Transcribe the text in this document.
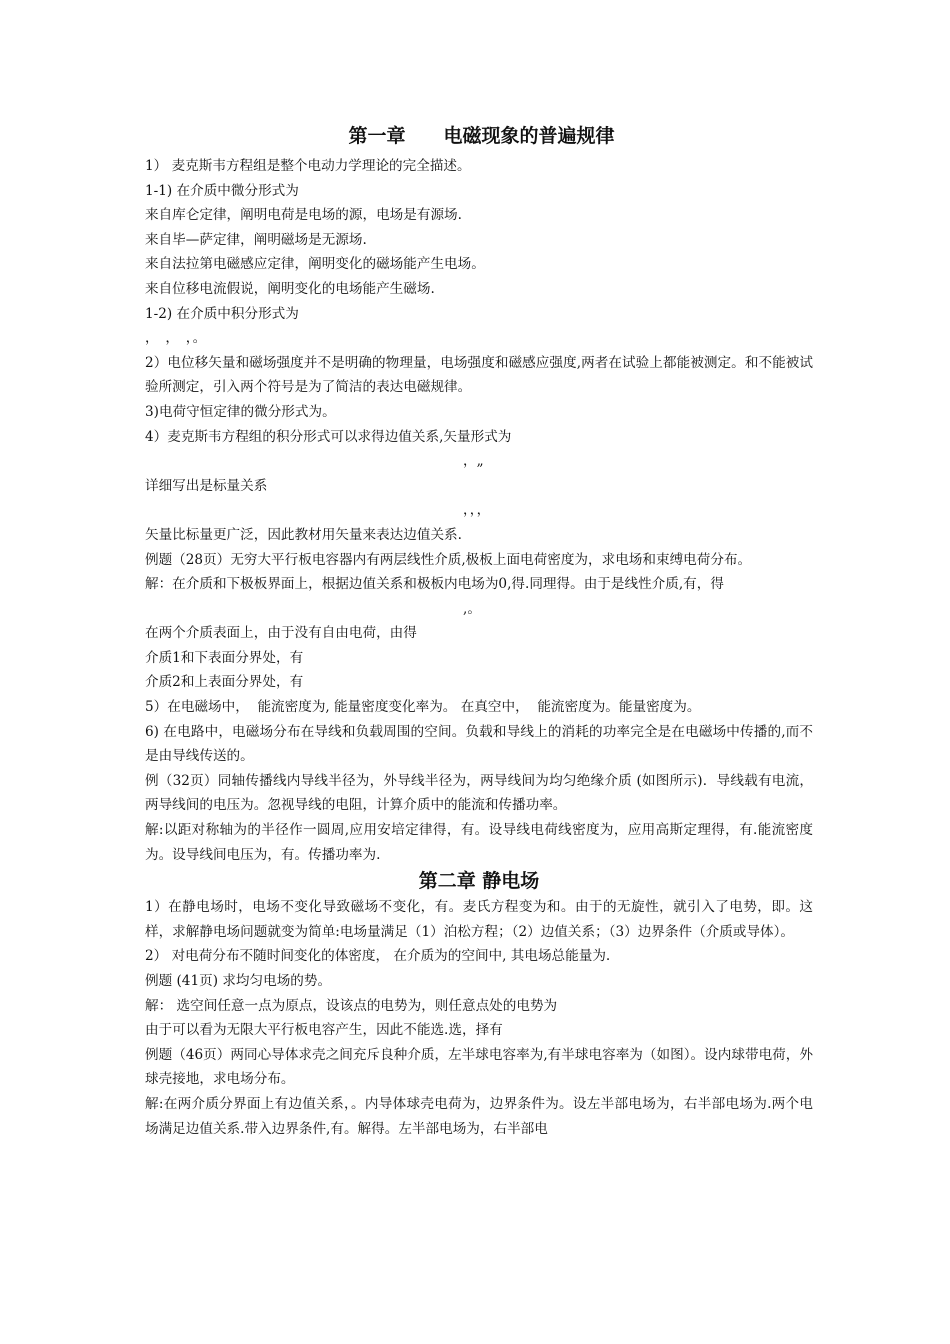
第一章　　电磁现象的普遍规律

1） 麦克斯韦方程组是整个电动力学理论的完全描述。

1-1) 在介质中微分形式为

来自库仑定律，阐明电荷是电场的源，电场是有源场.

来自毕—萨定律，阐明磁场是无源场.

来自法拉第电磁感应定律，阐明变化的磁场能产生电场。

来自位移电流假说，阐明变化的电场能产生磁场.

1-2) 在介质中积分形式为

，　，　，。

2）电位移矢量和磁场强度并不是明确的物理量，电场强度和磁感应强度,两者在试验上都能被测定。和不能被试验所测定，引入两个符号是为了简洁的表达电磁规律。

3)电荷守恒定律的微分形式为。

4）麦克斯韦方程组的积分形式可以求得边值关系,矢量形式为

，„

详细写出是标量关系

，，，

矢量比标量更广泛，因此教材用矢量来表达边值关系.

例题（28页）无穷大平行板电容器内有两层线性介质,极板上面电荷密度为，求电场和束缚电荷分布。

解：在介质和下极板界面上，根据边值关系和极板内电场为0,得.同理得。由于是线性介质,有，得

,。

在两个介质表面上，由于没有自由电荷，由得

介质1和下表面分界处，有

介质2和上表面分界处，有

5）在电磁场中，  能流密度为, 能量密度变化率为。 在真空中，  能流密度为。能量密度为。

6) 在电路中，电磁场分布在导线和负载周围的空间。负载和导线上的消耗的功率完全是在电磁场中传播的,而不是由导线传送的。

例（32页）同轴传播线内导线半径为，外导线半径为，两导线间为均匀绝缘介质 (如图所示)．导线载有电流，两导线间的电压为。忽视导线的电阻，计算介质中的能流和传播功率。

解:以距对称轴为的半径作一圆周,应用安培定律得，有。设导线电荷线密度为，应用高斯定理得，有.能流密度为。设导线间电压为，有。传播功率为.

第二章 静电场

1）在静电场时，电场不变化导致磁场不变化，有。麦氏方程变为和。由于的无旋性，就引入了电势，即。这样，求解静电场问题就变为简单:电场量满足（1）泊松方程；（2）边值关系；（3）边界条件（介质或导体）。

2） 对电荷分布不随时间变化的体密度， 在介质为的空间中, 其电场总能量为.

例题 (41页) 求均匀电场的势。

解： 选空间任意一点为原点，设该点的电势为，则任意点处的电势为

由于可以看为无限大平行板电容产生，因此不能选.选，择有

例题（46页）两同心导体求壳之间充斥良种介质，左半球电容率为,有半球电容率为（如图）。设内球带电荷，外球壳接地，求电场分布。

解:在两介质分界面上有边值关系，。内导体球壳电荷为，边界条件为。设左半部电场为，右半部电场为.两个电场满足边值关系.带入边界条件,有。解得。左半部电场为，右半部电
